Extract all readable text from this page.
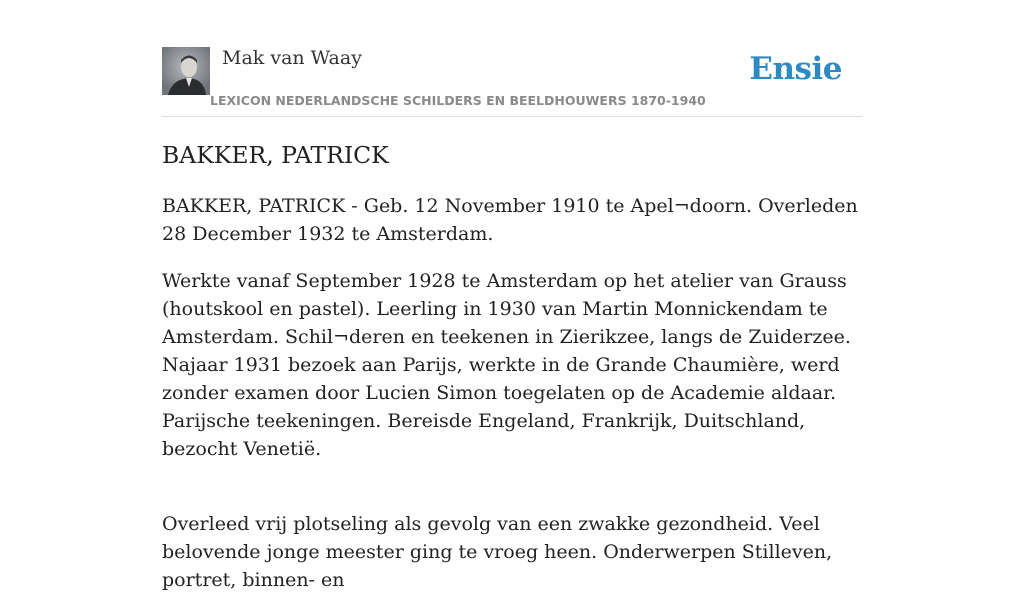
Mak van Waay
LEXICON NEDERLANDSCHE SCHILDERS EN BEELDHOUWERS 1870-1940
Ensie
BAKKER, PATRICK

BAKKER, PATRICK - Geb. 12 November 1910 te Apel¬doorn. Overleden 28 December 1932 te Amsterdam.

Werkte vanaf September 1928 te Amsterdam op het atelier van Grauss (houtskool en pastel). Leerling in 1930 van Martin Monnickendam te Amsterdam. Schil¬deren en teekenen in Zierikzee, langs de Zuiderzee. Najaar 1931 bezoek aan Parijs, werkte in de Grande Chaumière, werd zonder examen door Lucien Simon toegelaten op de Academie aldaar. Parijsche teekeningen. Bereisde Engeland, Frankrijk, Duitschland, bezocht Venetië.

Overleed vrij plotseling als gevolg van een zwakke gezondheid. Veel belovende jonge meester ging te vroeg heen. Onderwerpen Stilleven, portret, binnen- en
